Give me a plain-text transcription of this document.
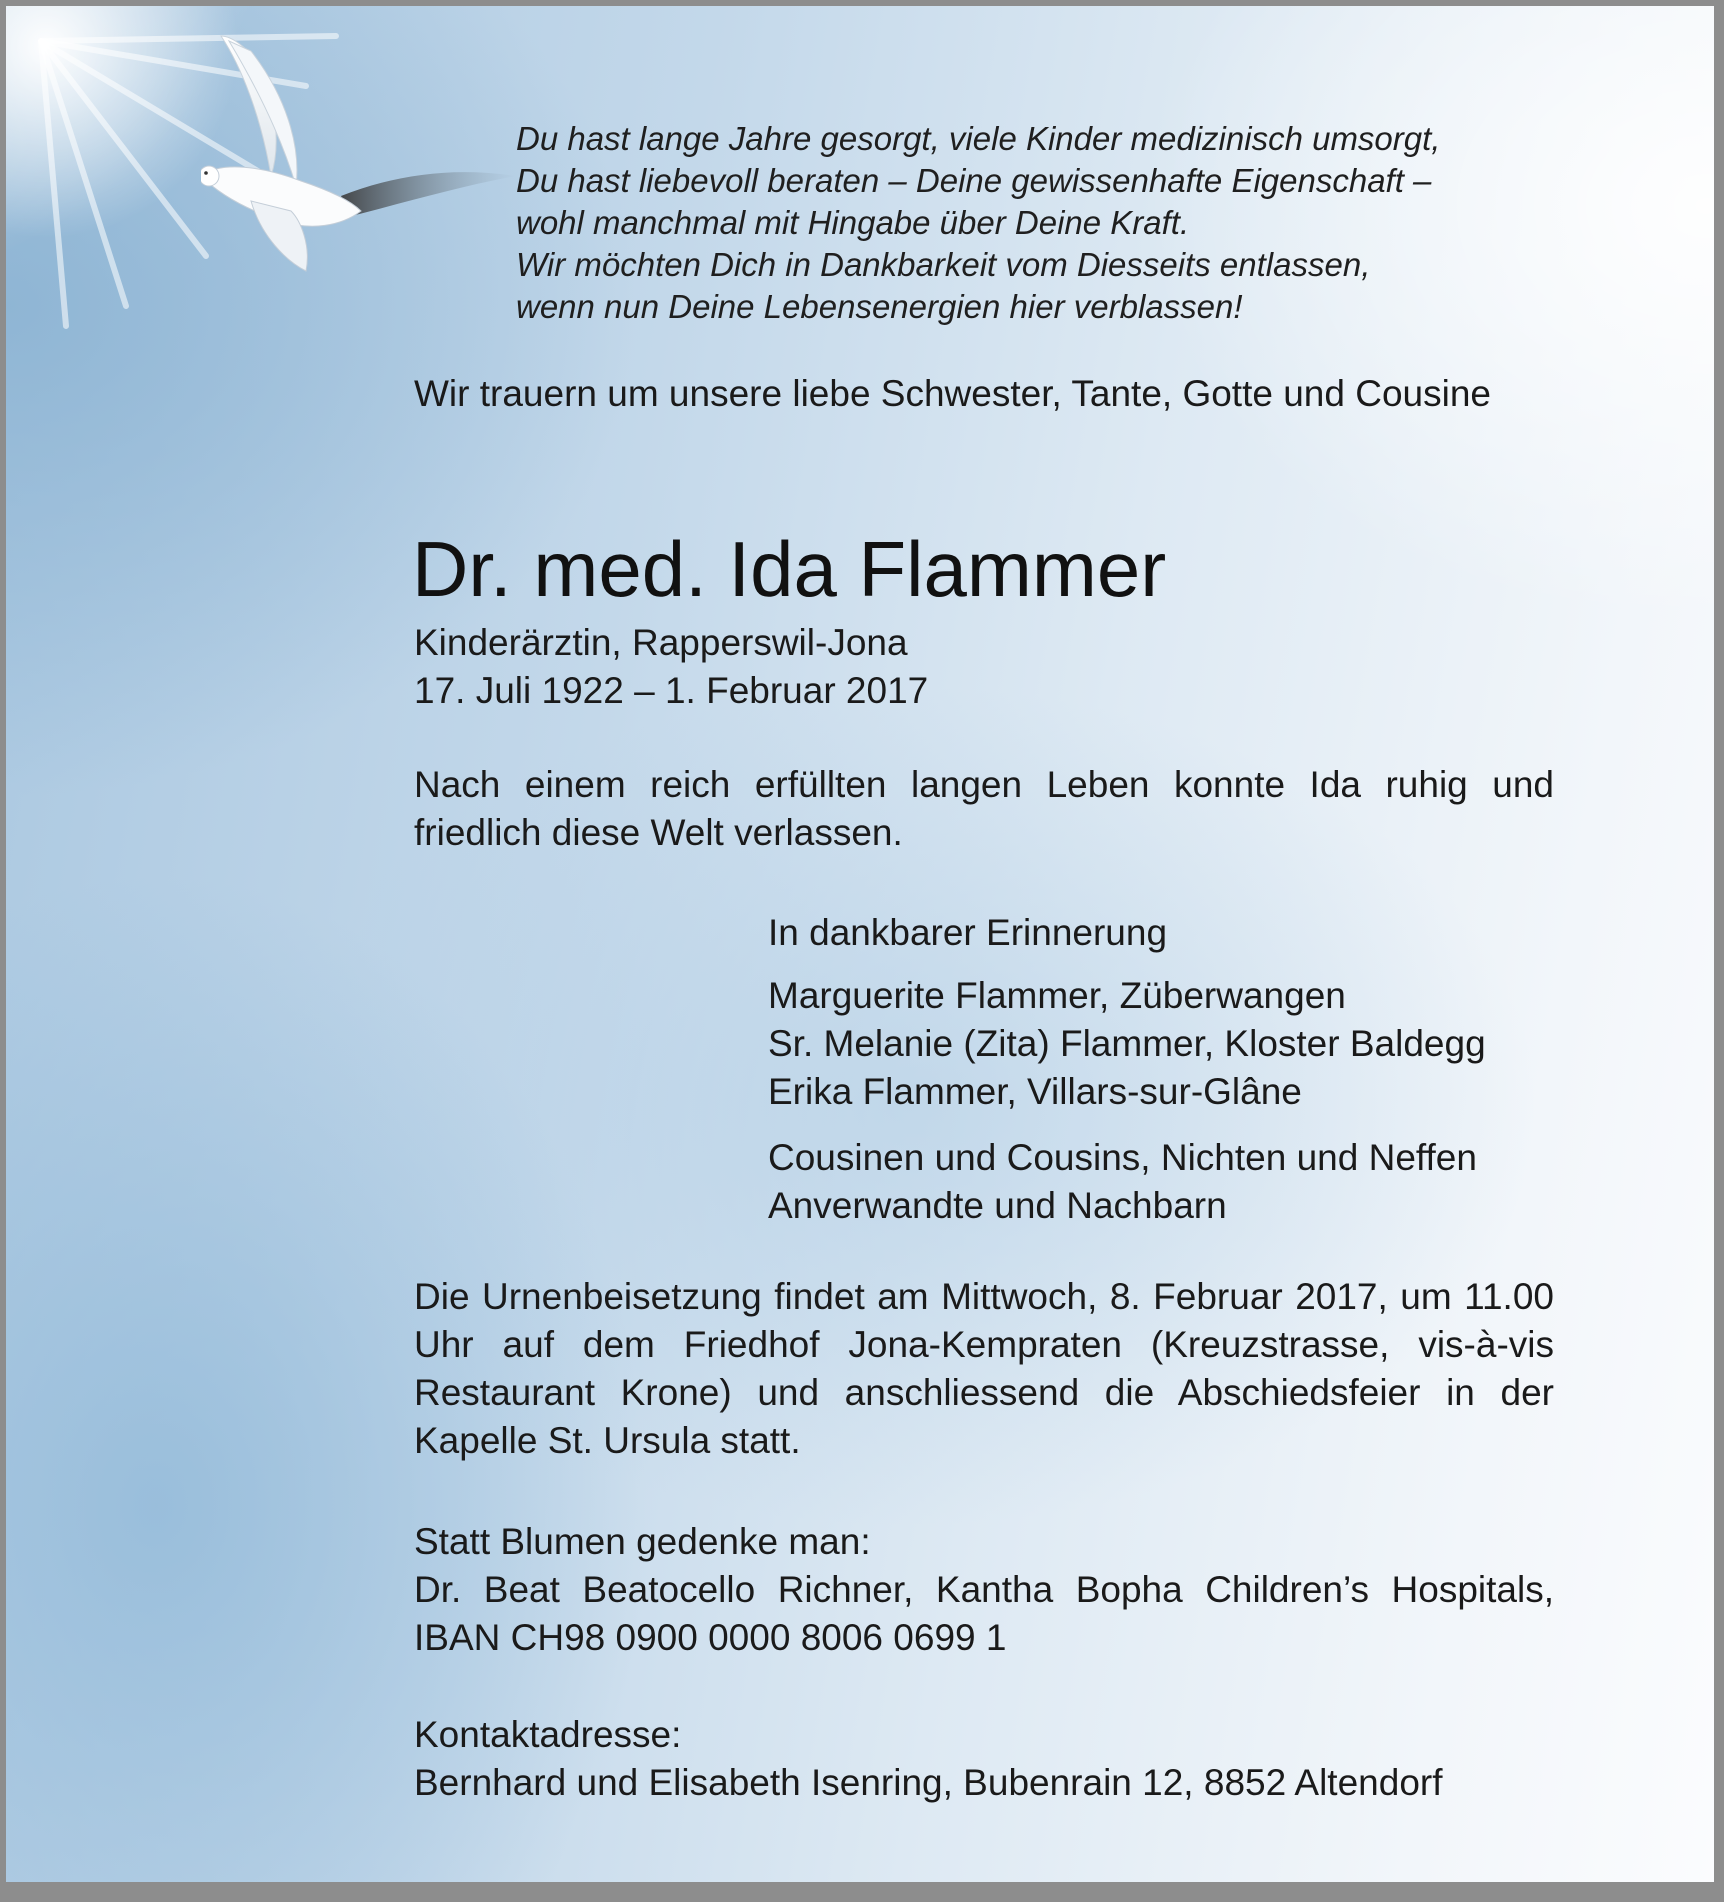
Du hast lange Jahre gesorgt, viele Kinder medizinisch umsorgt,
Du hast liebevoll beraten – Deine gewissenhafte Eigenschaft –
wohl manchmal mit Hingabe über Deine Kraft.
Wir möchten Dich in Dankbarkeit vom Diesseits entlassen,
wenn nun Deine Lebensenergien hier verblassen!
Wir trauern um unsere liebe Schwester, Tante, Gotte und Cousine
Dr. med. Ida Flammer
Kinderärztin, Rapperswil-Jona
17. Juli 1922 – 1. Februar 2017
Nach einem reich erfüllten langen Leben konnte Ida ruhig und friedlich diese Welt verlassen.
In dankbarer Erinnerung
Marguerite Flammer, Züberwangen
Sr. Melanie (Zita) Flammer, Kloster Baldegg
Erika Flammer, Villars-sur-Glâne
Cousinen und Cousins, Nichten und Neffen
Anverwandte und Nachbarn
Die Urnenbeisetzung findet am Mittwoch, 8. Februar 2017, um 11.00 Uhr auf dem Friedhof Jona-Kempraten (Kreuzstrasse, vis-à-vis Restaurant Krone) und anschliessend die Abschiedsfeier in der Kapelle St. Ursula statt.
Statt Blumen gedenke man:
Dr. Beat Beatocello Richner, Kantha Bopha Children’s Hospitals, IBAN CH98 0900 0000 8006 0699 1
Kontaktadresse:
Bernhard und Elisabeth Isenring, Bubenrain 12, 8852 Altendorf
